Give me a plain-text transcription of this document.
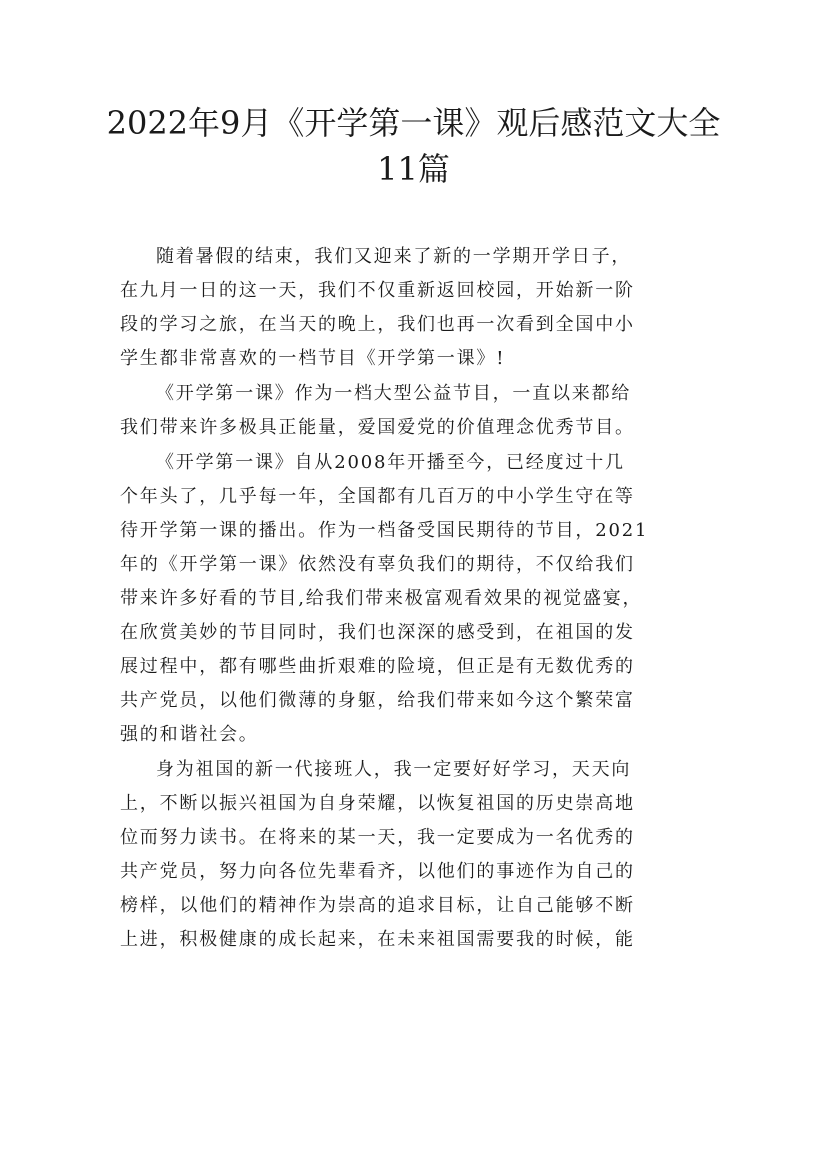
2022年9月《开学第一课》观后感范文大全
11篇
随着暑假的结束，我们又迎来了新的一学期开学日子，
在九月一日的这一天，我们不仅重新返回校园，开始新一阶
段的学习之旅，在当天的晚上，我们也再一次看到全国中小
学生都非常喜欢的一档节目《开学第一课》!
《开学第一课》作为一档大型公益节目，一直以来都给
我们带来许多极具正能量，爱国爱党的价值理念优秀节目。
《开学第一课》自从2008年开播至今，已经度过十几
个年头了，几乎每一年，全国都有几百万的中小学生守在等
待开学第一课的播出。作为一档备受国民期待的节目，2021
年的《开学第一课》依然没有辜负我们的期待，不仅给我们
带来许多好看的节目,给我们带来极富观看效果的视觉盛宴，
在欣赏美妙的节目同时，我们也深深的感受到，在祖国的发
展过程中，都有哪些曲折艰难的险境，但正是有无数优秀的
共产党员，以他们微薄的身躯，给我们带来如今这个繁荣富
强的和谐社会。
身为祖国的新一代接班人，我一定要好好学习，天天向
上，不断以振兴祖国为自身荣耀，以恢复祖国的历史崇高地
位而努力读书。在将来的某一天，我一定要成为一名优秀的
共产党员，努力向各位先辈看齐，以他们的事迹作为自己的
榜样，以他们的精神作为崇高的追求目标，让自己能够不断
上进，积极健康的成长起来，在未来祖国需要我的时候，能
